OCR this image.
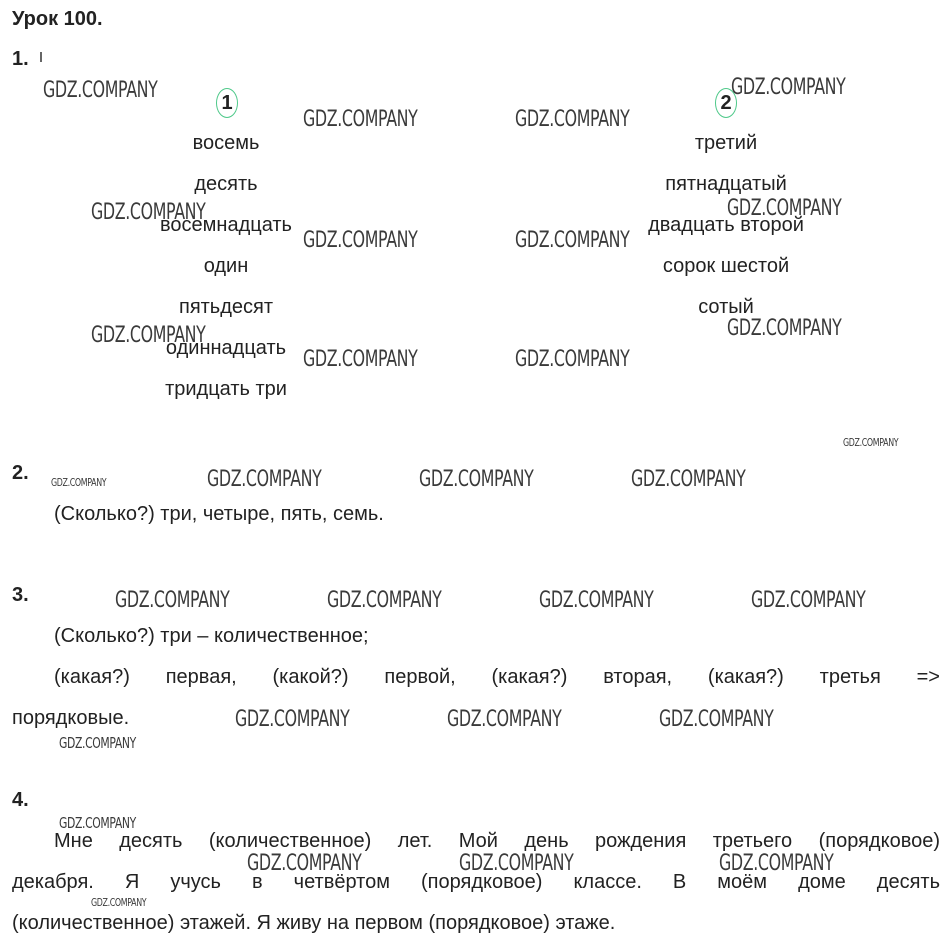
Урок 100.
1.
1
восемь
десять
восемнадцать
один
пятьдесят
одиннадцать
тридцать три
2
третий
пятнадцатый
двадцать второй
сорок шестой
сотый
2.
(Сколько?) три, четыре, пять, семь.
3.
(Сколько?) три – количественное;
(какая?) первая, (какой?) первой, (какая?) вторая, (какая?) третья =>
порядковые.
4.
Мне десять (количественное) лет. Мой день рождения третьего (порядковое)
декабря. Я учусь в четвёртом (порядковое) классе. В моём доме десять
(количественное) этажей. Я живу на первом (порядковое) этаже.
GDZ.COMPANY
GDZ.COMPANY	GDZ.COMPANY
GDZ.COMPANY
GDZ.COMPANY	GDZ.COMPANY
GDZ.COMPANY	GDZ.COMPANY
GDZ.COMPANY	GDZ.COMPANY
GDZ.COMPANY	GDZ.COMPANY
GDZ.COMPANY
GDZ.COMPANY	GDZ.COMPANY	GDZ.COMPANY	GDZ.COMPANY
GDZ.COMPANY	GDZ.COMPANY	GDZ.COMPANY	GDZ.COMPANY
GDZ.COMPANY	GDZ.COMPANY	GDZ.COMPANY
GDZ.COMPANY
GDZ.COMPANY
GDZ.COMPANY	GDZ.COMPANY	GDZ.COMPANY
GDZ.COMPANY
